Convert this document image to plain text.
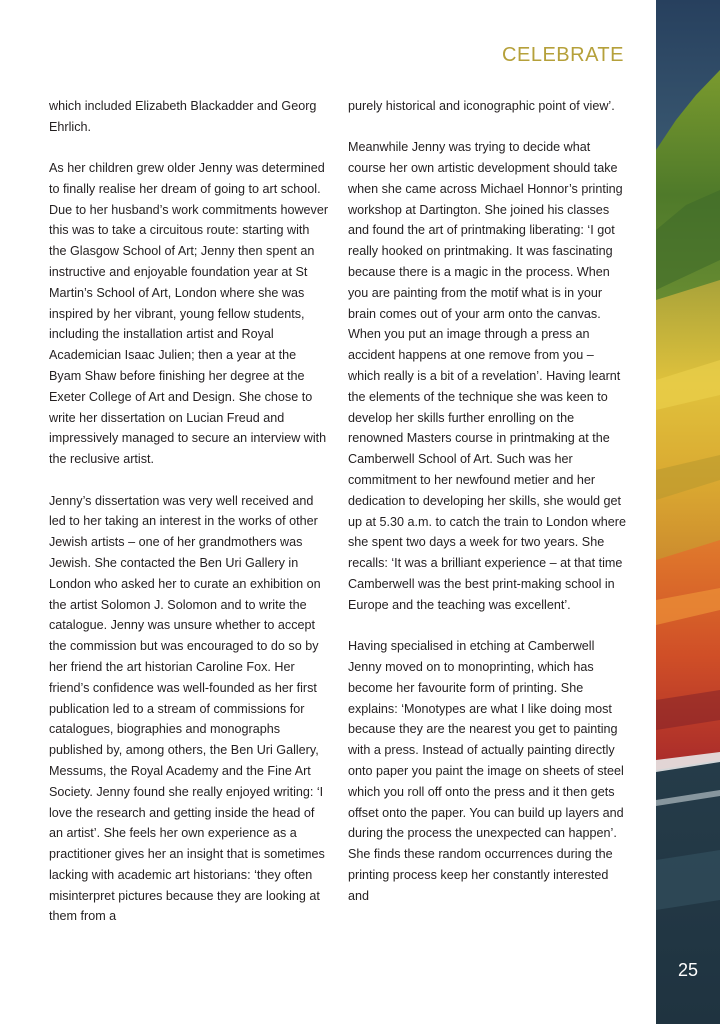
CELEBRATE

which included Elizabeth Blackadder and Georg Ehrlich.

As her children grew older Jenny was determined to finally realise her dream of going to art school. Due to her husband’s work commitments however this was to take a circuitous route: starting with the Glasgow School of Art; Jenny then spent an instructive and enjoyable foundation year at St Martin’s School of Art, London where she was inspired by her vibrant, young fellow students, including the installation artist and Royal Academician Isaac Julien; then a year at the Byam Shaw before finishing her degree at the Exeter College of Art and Design. She chose to write her dissertation on Lucian Freud and impressively managed to secure an interview with the reclusive artist.

Jenny’s dissertation was very well received and led to her taking an interest in the works of other Jewish artists – one of her grandmothers was Jewish. She contacted the Ben Uri Gallery in London who asked her to curate an exhibition on the artist Solomon J. Solomon and to write the catalogue. Jenny was unsure whether to accept the commission but was encouraged to do so by her friend the art historian Caroline Fox. Her friend’s confidence was well-founded as her first publication led to a stream of commissions for catalogues, biographies and monographs published by, among others, the Ben Uri Gallery, Messums, the Royal Academy and the Fine Art Society. Jenny found she really enjoyed writing: ‘I love the research and getting inside the head of an artist’. She feels her own experience as a practitioner gives her an insight that is sometimes lacking with academic art historians: ‘they often misinterpret pictures because they are looking at them from a

purely historical and iconographic point of view’.

Meanwhile Jenny was trying to decide what course her own artistic development should take when she came across Michael Honnor’s printing workshop at Dartington. She joined his classes and found the art of printmaking liberating: ‘I got really hooked on printmaking. It was fascinating because there is a magic in the process. When you are painting from the motif what is in your brain comes out of your arm onto the canvas. When you put an image through a press an accident happens at one remove from you – which really is a bit of a revelation’. Having learnt the elements of the technique she was keen to develop her skills further enrolling on the renowned Masters course in printmaking at the Camberwell School of Art. Such was her commitment to her newfound metier and her dedication to developing her skills, she would get up at 5.30 a.m. to catch the train to London where she spent two days a week for two years. She recalls: ‘It was a brilliant experience – at that time Camberwell was the best print-making school in Europe and the teaching was excellent’.

Having specialised in etching at Camberwell Jenny moved on to monoprinting, which has become her favourite form of printing. She explains: ‘Monotypes are what I like doing most because they are the nearest you get to painting with a press. Instead of actually painting directly onto paper you paint the image on sheets of steel which you roll off onto the press and it then gets offset onto the paper. You can build up layers and during the process the unexpected can happen’. She finds these random occurrences during the printing process keep her constantly interested and

25
